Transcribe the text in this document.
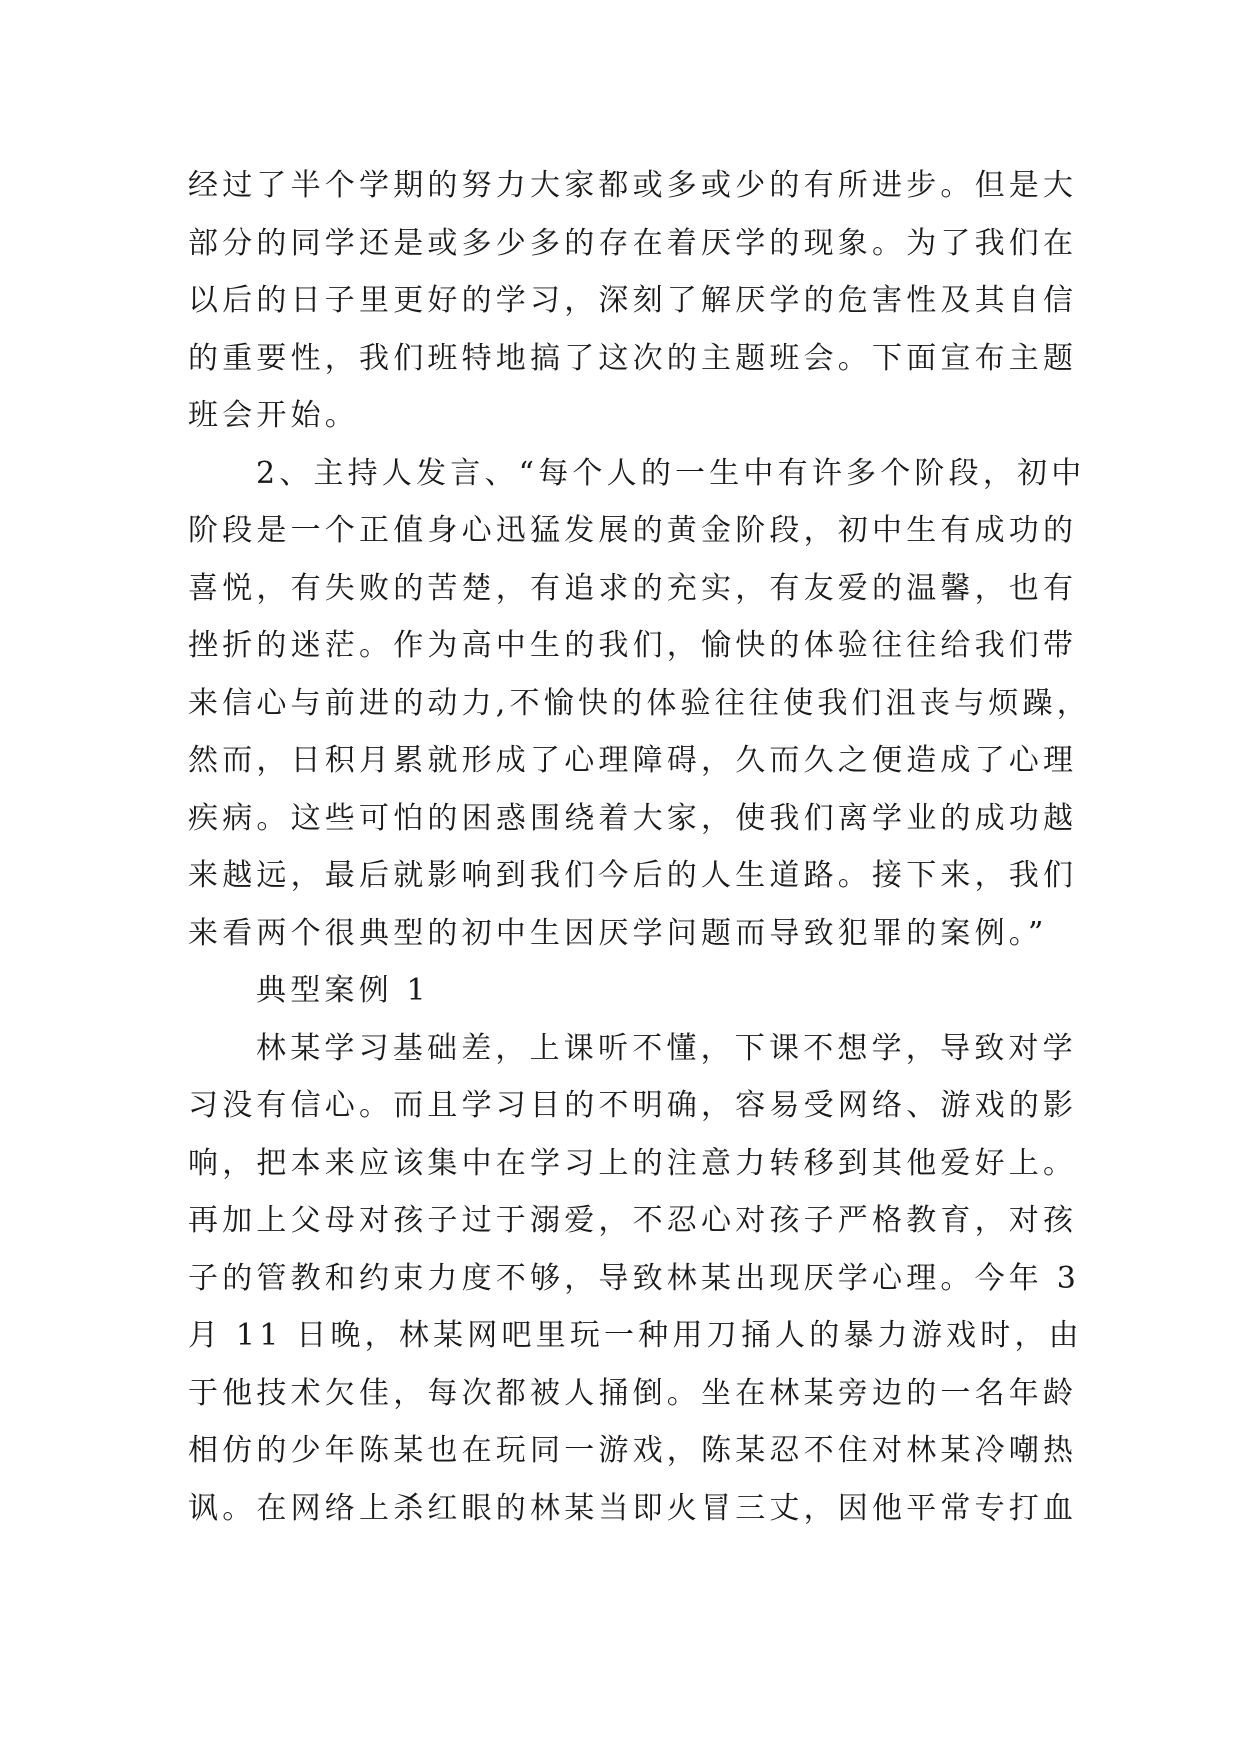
经过了半个学期的努力大家都或多或少的有所进步。但是大
部分的同学还是或多少多的存在着厌学的现象。为了我们在
以后的日子里更好的学习，深刻了解厌学的危害性及其自信
的重要性，我们班特地搞了这次的主题班会。下面宣布主题
班会开始。
2、主持人发言、“每个人的一生中有许多个阶段，初中
阶段是一个正值身心迅猛发展的黄金阶段，初中生有成功的
喜悦，有失败的苦楚，有追求的充实，有友爱的温馨，也有
挫折的迷茫。作为高中生的我们，愉快的体验往往给我们带
来信心与前进的动力,不愉快的体验往往使我们沮丧与烦躁，
然而，日积月累就形成了心理障碍，久而久之便造成了心理
疾病。这些可怕的困惑围绕着大家，使我们离学业的成功越
来越远，最后就影响到我们今后的人生道路。接下来，我们
来看两个很典型的初中生因厌学问题而导致犯罪的案例。”
典型案例 1
林某学习基础差，上课听不懂，下课不想学，导致对学
习没有信心。而且学习目的不明确，容易受网络、游戏的影
响，把本来应该集中在学习上的注意力转移到其他爱好上。
再加上父母对孩子过于溺爱，不忍心对孩子严格教育，对孩
子的管教和约束力度不够，导致林某出现厌学心理。今年 3
月 11 日晚，林某网吧里玩一种用刀捅人的暴力游戏时，由
于他技术欠佳，每次都被人捅倒。坐在林某旁边的一名年龄
相仿的少年陈某也在玩同一游戏，陈某忍不住对林某冷嘲热
讽。在网络上杀红眼的林某当即火冒三丈，因他平常专打血
